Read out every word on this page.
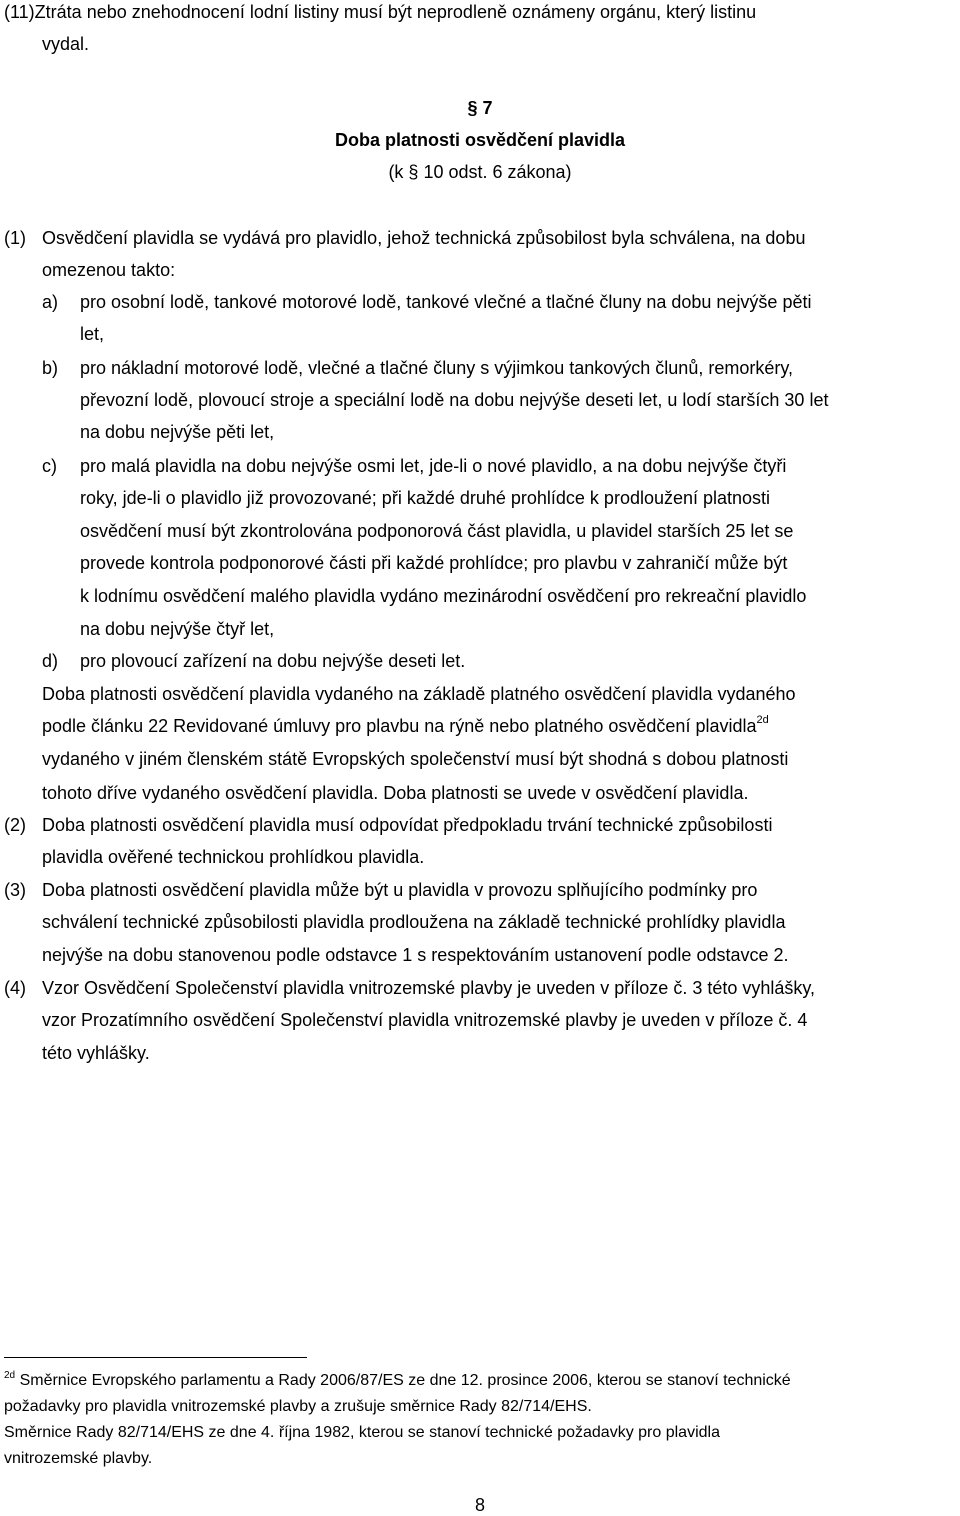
(11)Ztráta nebo znehodnocení lodní listiny musí být neprodleně oznámeny orgánu, který listinu
vydal.
§ 7
Doba platnosti osvědčení plavidla
(k § 10 odst. 6 zákona)
(1) Osvědčení plavidla se vydává pro plavidlo, jehož technická způsobilost byla schválena, na dobu
omezenou takto:
a) pro osobní lodě, tankové motorové lodě, tankové vlečné a tlačné čluny na dobu nejvýše pěti
let,
b) pro nákladní motorové lodě, vlečné a tlačné čluny s výjimkou tankových člunů, remorkéry,
převozní lodě, plovoucí stroje a speciální lodě na dobu nejvýše deseti let, u lodí starších 30 let
na dobu nejvýše pěti let,
c) pro malá plavidla na dobu nejvýše osmi let, jde-li o nové plavidlo, a na dobu nejvýše čtyři
roky, jde-li o plavidlo již provozované; při každé druhé prohlídce k prodloužení platnosti
osvědčení musí být zkontrolována podponorová část plavidla, u plavidel starších 25 let se
provede kontrola podponorové části při každé prohlídce; pro plavbu v zahraničí může být
k lodnímu osvědčení malého plavidla vydáno mezinárodní osvědčení pro rekreační plavidlo
na dobu nejvýše čtyř let,
d) pro plovoucí zařízení na dobu nejvýše deseti let.
Doba platnosti osvědčení plavidla vydaného na základě platného osvědčení plavidla vydaného
podle článku 22 Revidované úmluvy pro plavbu na rýně nebo platného osvědčení plavidla$^{2d}$
vydaného v jiném členském státě Evropských společenství musí být shodná s dobou platnosti
tohoto dříve vydaného osvědčení plavidla. Doba platnosti se uvede v osvědčení plavidla.
(2) Doba platnosti osvědčení plavidla musí odpovídat předpokladu trvání technické způsobilosti
plavidla ověřené technickou prohlídkou plavidla.
(3) Doba platnosti osvědčení plavidla může být u plavidla v provozu splňujícího podmínky pro
schválení technické způsobilosti plavidla prodloužena na základě technické prohlídky plavidla
nejvýše na dobu stanovenou podle odstavce 1 s respektováním ustanovení podle odstavce 2.
(4) Vzor Osvědčení Společenství plavidla vnitrozemské plavby je uveden v příloze č. 3 této vyhlášky,
vzor Prozatímního osvědčení Společenství plavidla vnitrozemské plavby je uveden v příloze č. 4
této vyhlášky.
$^{2d}$ Směrnice Evropského parlamentu a Rady 2006/87/ES ze dne 12. prosince 2006, kterou se stanoví technické
požadavky pro plavidla vnitrozemské plavby a zrušuje směrnice Rady 82/714/EHS.
Směrnice Rady 82/714/EHS ze dne 4. října 1982, kterou se stanoví technické požadavky pro plavidla
vnitrozemské plavby.
8
